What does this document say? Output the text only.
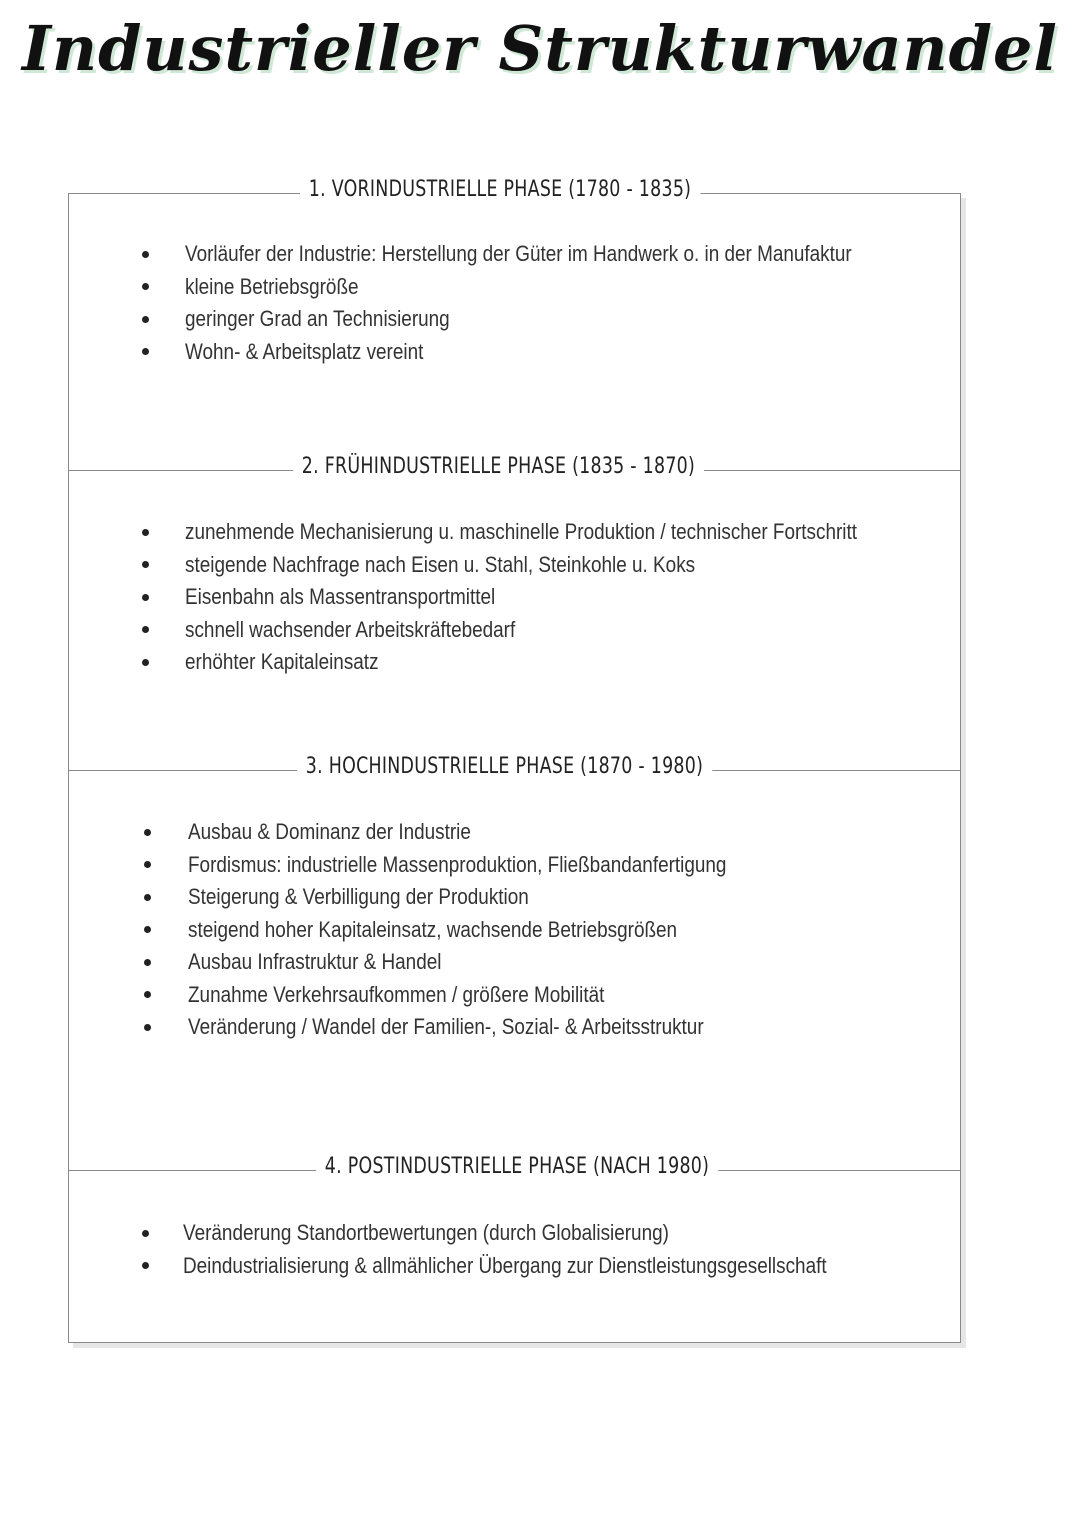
Industrieller Strukturwandel
1. VORINDUSTRIELLE PHASE (1780 - 1835)
Vorläufer der Industrie: Herstellung der Güter im Handwerk o. in der Manufaktur
kleine Betriebsgröße
geringer Grad an Technisierung
Wohn- & Arbeitsplatz vereint
2. FRÜHINDUSTRIELLE PHASE (1835 - 1870)
zunehmende Mechanisierung u. maschinelle Produktion / technischer Fortschritt
steigende Nachfrage nach Eisen u. Stahl, Steinkohle u. Koks
Eisenbahn als Massentransportmittel
schnell wachsender Arbeitskräftebedarf
erhöhter Kapitaleinsatz
3. HOCHINDUSTRIELLE PHASE (1870 - 1980)
Ausbau & Dominanz der Industrie
Fordismus: industrielle Massenproduktion, Fließbandanfertigung
Steigerung & Verbilligung der Produktion
steigend hoher Kapitaleinsatz, wachsende Betriebsgrößen
Ausbau Infrastruktur & Handel
Zunahme Verkehrsaufkommen / größere Mobilität
Veränderung / Wandel der Familien-, Sozial- & Arbeitsstruktur
4. POSTINDUSTRIELLE PHASE (NACH 1980)
Veränderung Standortbewertungen (durch Globalisierung)
Deindustrialisierung & allmählicher Übergang zur Dienstleistungsgesellschaft
